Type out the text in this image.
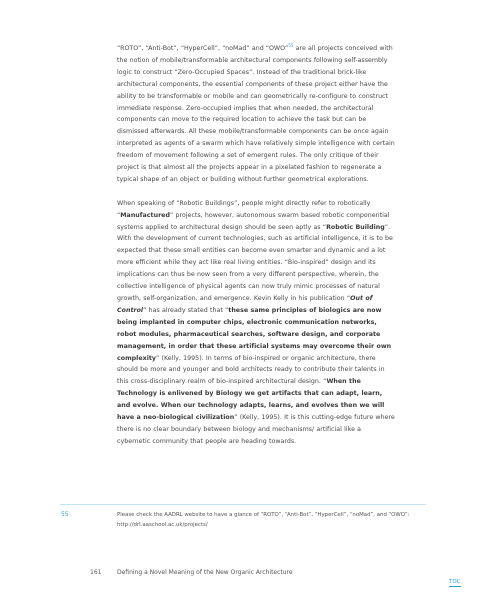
“ROTO”, “Anti-Bot”, “HyperCell”, “noMad” and “OWO”$^{55}$ are all projects conceived with the notion of mobile/transformable architectural components following self-assembly logic to construct “Zero-Occupied Spaces”. Instead of the traditional brick-like architectural components, the essential components of these project either have the ability to be transformable or mobile and can geometrically re-configure to construct immediate response. Zero-occupied implies that when needed, the architectural components can move to the required location to achieve the task but can be dismissed afterwards. All these mobile/transformable components can be once again interpreted as agents of a swarm which have relatively simple intelligence with certain freedom of movement following a set of emergent rules. The only critique of their project is that almost all the projects appear in a pixelated fashion to regenerate a typical shape of an object or building without further geometrical explorations.

When speaking of “Robotic Buildings”, people might directly refer to robotically “Manufactured” projects, however, autonomous swarm based robotic componential systems applied to architectural design should be seen aptly as “Robotic Building”. With the development of current technologies, such as artificial intelligence, it is to be expected that these small entities can become even smarter and dynamic and a lot more efficient while they act like real living entities. “Bio-inspired” design and its implications can thus be now seen from a very different perspective, wherein, the collective intelligence of physical agents can now truly mimic processes of natural growth, self-organization, and emergence. Kevin Kelly in his publication “Out of Control” has already stated that “these same principles of biologics are now being implanted in computer chips, electronic communication networks, robot modules, pharmaceutical searches, software design, and corporate management, in order that these artificial systems may overcome their own complexity” (Kelly, 1995). In terms of bio-inspired or organic architecture, there should be more and younger and bold architects ready to contribute their talents in this cross-disciplinary realm of bio-inspired architectural design. “When the Technology is enlivened by Biology we get artifacts that can adapt, learn, and evolve. When our technology adapts, learns, and evolves then we will have a neo-biological civilization” (Kelly, 1995). It is this cutting-edge future where there is no clear boundary between biology and mechanisms/ artificial like a cybernetic community that people are heading towards.

55	Please check the AADRL website to have a glance of “ROTO”, “Anti-Bot”, “HyperCell”, “noMad”, and “OWO”:
http://drl.aaschool.ac.uk/projects/
161	Defining a Novel Meaning of the New Organic Architecture
TOC
